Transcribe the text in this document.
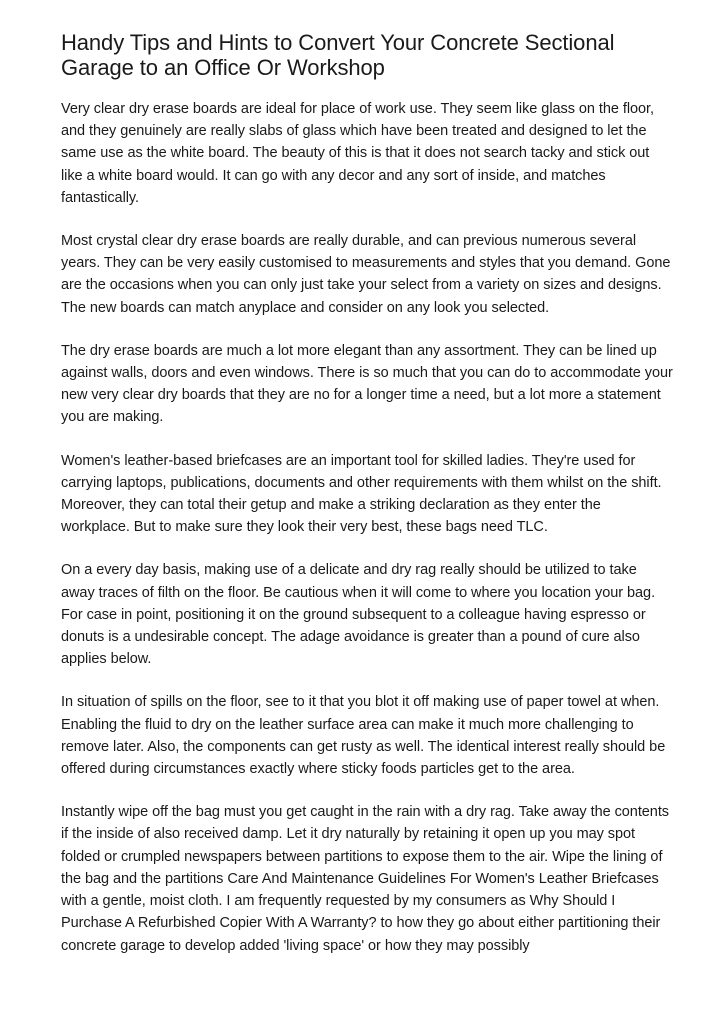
Handy Tips and Hints to Convert Your Concrete Sectional Garage to an Office Or Workshop

Very clear dry erase boards are ideal for place of work use. They seem like glass on the floor, and they genuinely are really slabs of glass which have been treated and designed to let the same use as the white board. The beauty of this is that it does not search tacky and stick out like a white board would. It can go with any decor and any sort of inside, and matches fantastically.

Most crystal clear dry erase boards are really durable, and can previous numerous several years. They can be very easily customised to measurements and styles that you demand. Gone are the occasions when you can only just take your select from a variety on sizes and designs. The new boards can match anyplace and consider on any look you selected.

The dry erase boards are much a lot more elegant than any assortment. They can be lined up against walls, doors and even windows. There is so much that you can do to accommodate your new very clear dry boards that they are no for a longer time a need, but a lot more a statement you are making.

Women's leather-based briefcases are an important tool for skilled ladies. They're used for carrying laptops, publications, documents and other requirements with them whilst on the shift. Moreover, they can total their getup and make a striking declaration as they enter the workplace. But to make sure they look their very best, these bags need TLC.

On a every day basis, making use of a delicate and dry rag really should be utilized to take away traces of filth on the floor. Be cautious when it will come to where you location your bag. For case in point, positioning it on the ground subsequent to a colleague having espresso or donuts is a undesirable concept. The adage avoidance is greater than a pound of cure also applies below.

In situation of spills on the floor, see to it that you blot it off making use of paper towel at when. Enabling the fluid to dry on the leather surface area can make it much more challenging to remove later. Also, the components can get rusty as well. The identical interest really should be offered during circumstances exactly where sticky foods particles get to the area.

Instantly wipe off the bag must you get caught in the rain with a dry rag. Take away the contents if the inside of also received damp. Let it dry naturally by retaining it open up you may spot folded or crumpled newspapers between partitions to expose them to the air. Wipe the lining of the bag and the partitions Care And Maintenance Guidelines For Women's Leather Briefcases with a gentle, moist cloth. I am frequently requested by my consumers as Why Should I Purchase A Refurbished Copier With A Warranty? to how they go about either partitioning their concrete garage to develop added 'living space' or how they may possibly
